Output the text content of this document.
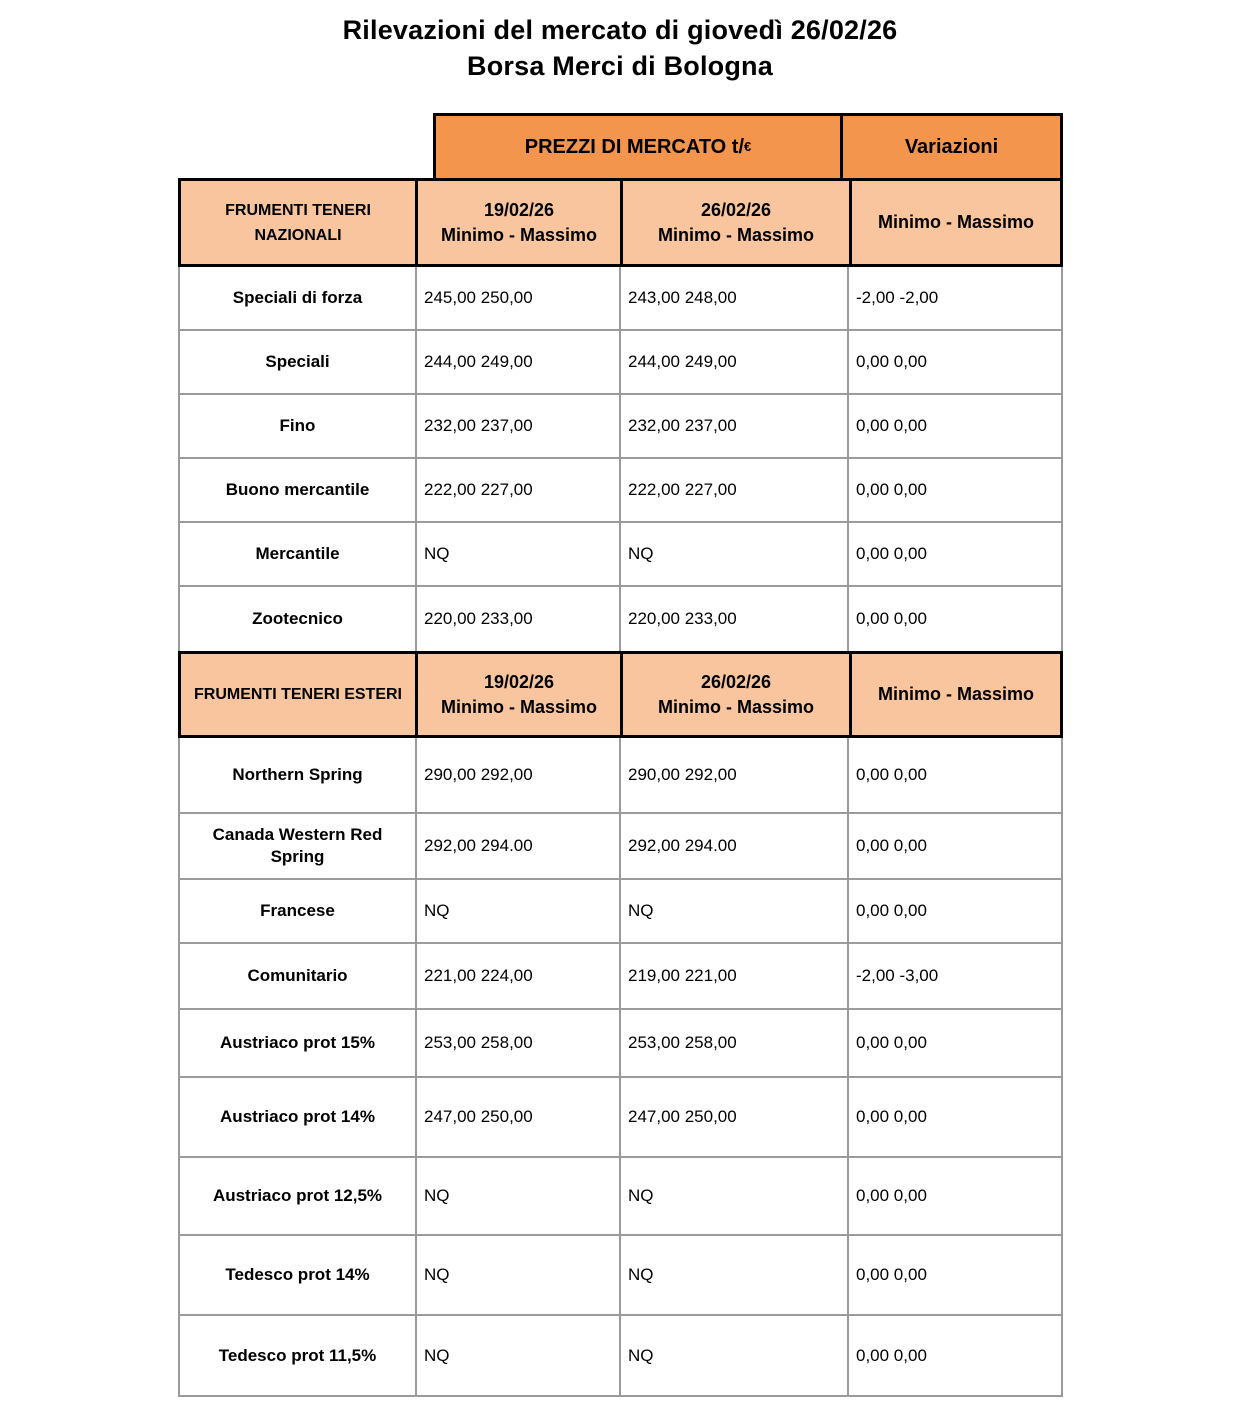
Rilevazioni del mercato di giovedì 26/02/26
Borsa Merci di Bologna
PREZZI DI MERCATO t/ €	Variazioni
FRUMENTI TENERI NAZIONALI
19/02/26
Minimo - Massimo
26/02/26
Minimo - Massimo
Minimo - Massimo
Speciali di forza	245,00 250,00	243,00 248,00	-2,00 -2,00
Speciali	244,00 249,00	244,00 249,00	0,00 0,00
Fino	232,00 237,00	232,00 237,00	0,00 0,00
Buono mercantile	222,00 227,00	222,00 227,00	0,00 0,00
Mercantile	NQ	NQ	0,00 0,00
Zootecnico	220,00 233,00	220,00 233,00	0,00 0,00
FRUMENTI TENERI ESTERI
19/02/26
Minimo - Massimo
26/02/26
Minimo - Massimo
Minimo - Massimo
Northern Spring	290,00 292,00	290,00 292,00	0,00 0,00
Canada Western Red Spring
292,00 294.00	292,00 294.00	0,00 0,00
Francese	NQ	NQ	0,00 0,00
Comunitario	221,00 224,00	219,00 221,00	-2,00 -3,00
Austriaco prot 15%	253,00 258,00	253,00 258,00	0,00 0,00
Austriaco prot 14%	247,00 250,00	247,00 250,00	0,00 0,00
Austriaco prot 12,5%	NQ	NQ	0,00 0,00
Tedesco prot 14%	NQ	NQ	0,00 0,00
Tedesco prot 11,5%	NQ	NQ	0,00 0,00
